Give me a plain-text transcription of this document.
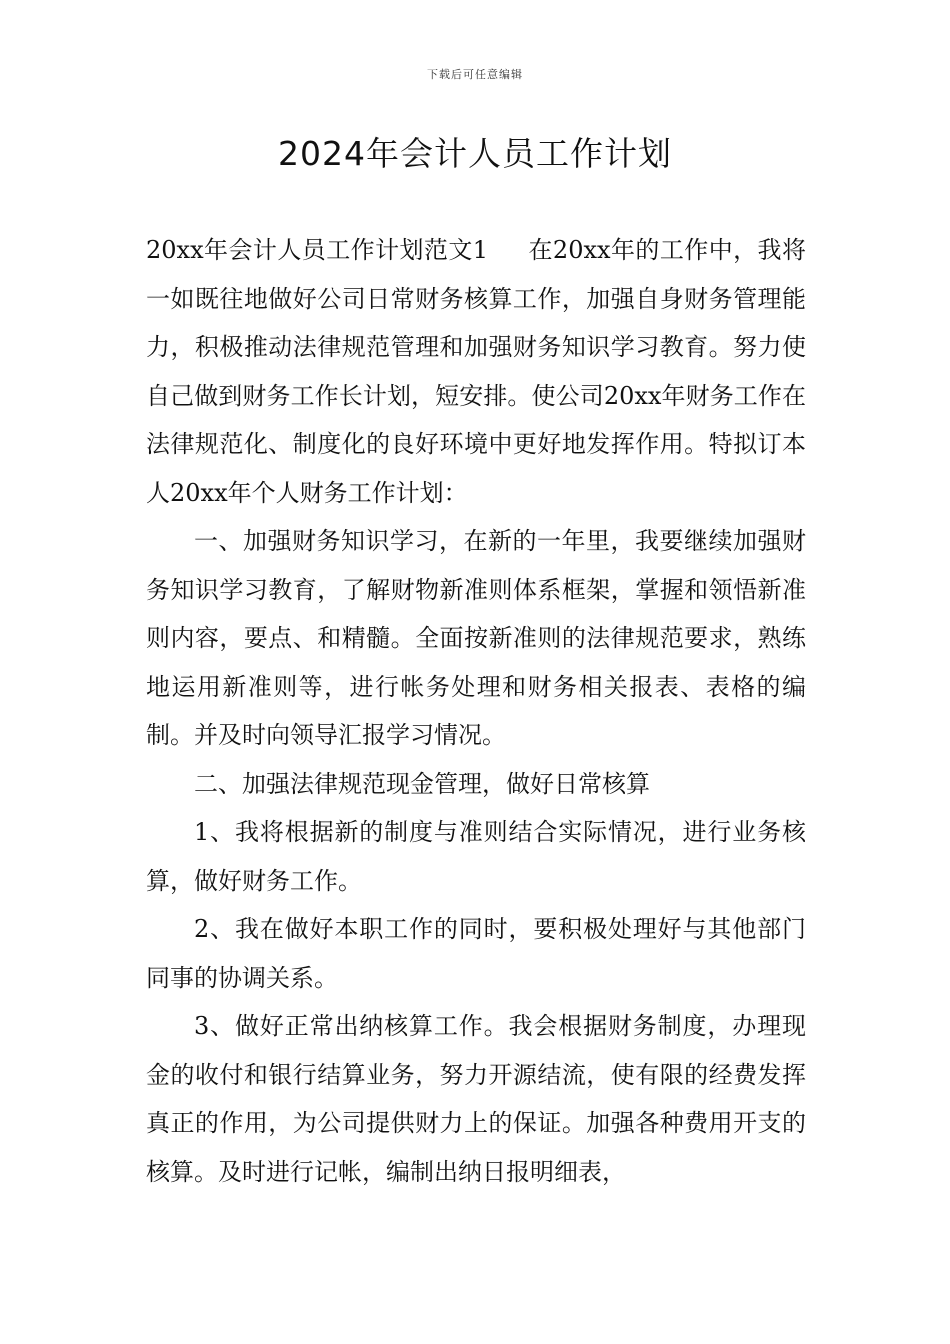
下载后可任意编辑
2024年会计人员工作计划

20xx年会计人员工作计划范文1 在20xx年的工作中，我将一如既往地做好公司日常财务核算工作，加强自身财务管理能力，积极推动法律规范管理和加强财务知识学习教育。努力使自己做到财务工作长计划，短安排。使公司20xx年财务工作在法律规范化、制度化的良好环境中更好地发挥作用。特拟订本人20xx年个人财务工作计划：

一、加强财务知识学习，在新的一年里，我要继续加强财务知识学习教育，了解财物新准则体系框架，掌握和领悟新准则内容，要点、和精髓。全面按新准则的法律规范要求，熟练地运用新准则等，进行帐务处理和财务相关报表、表格的编制。并及时向领导汇报学习情况。

二、加强法律规范现金管理，做好日常核算

1、我将根据新的制度与准则结合实际情况，进行业务核算，做好财务工作。

2、我在做好本职工作的同时，要积极处理好与其他部门同事的协调关系。

3、做好正常出纳核算工作。我会根据财务制度，办理现金的收付和银行结算业务，努力开源结流，使有限的经费发挥真正的作用，为公司提供财力上的保证。加强各种费用开支的核算。及时进行记帐，编制出纳日报明细表，
